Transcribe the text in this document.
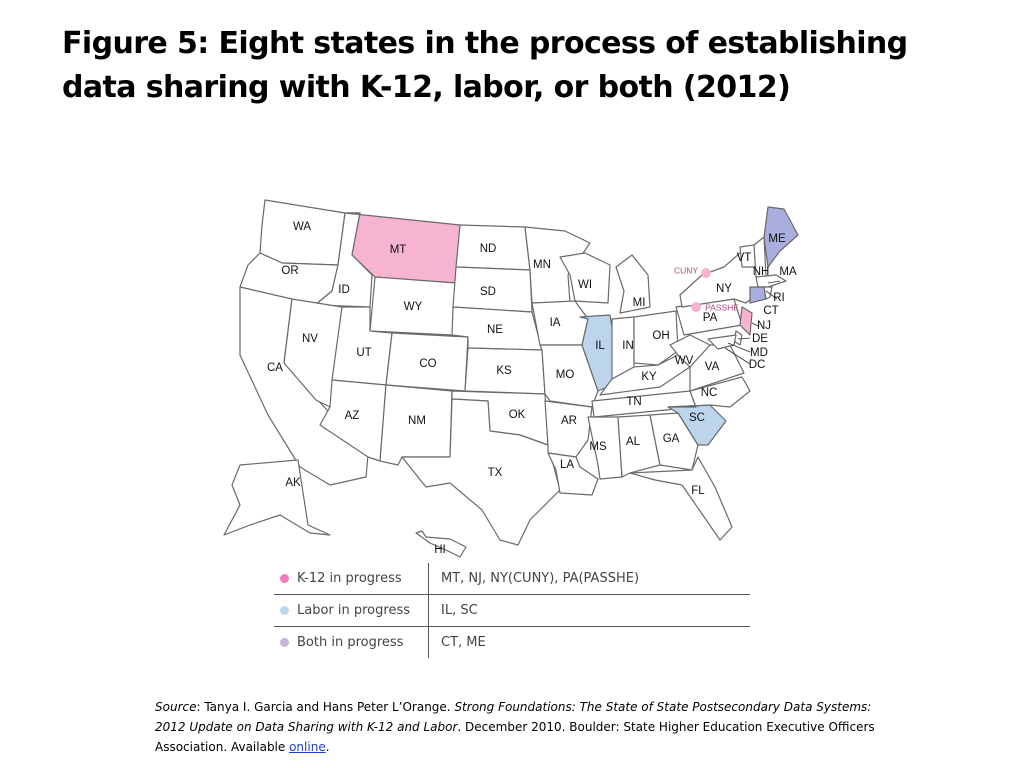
Figure 5: Eight states in the process of establishing
data sharing with K-12, labor, or both (2012)
WA
OR
CA
ID
NV
MT
WY
UT
CO
AZ	NM
ND
SD
NE
KS
OK
TX
MN
IA
MO
AR
LA
WI
IL
MI
IN
OH
KY
TN
MS AL GA
FL
SC
NC
VA
WV
PA
NY
VT
NH
ME
MA
RI
CT
NJ
DE
MD
DC
AK
HI
CUNY
PASSHE
K-12 in progress	MT, NJ, NY(CUNY), PA(PASSHE)
Labor in progress	IL, SC
Both in progress	CT, ME
Source: Tanya I. Garcia and Hans Peter L’Orange. Strong Foundations: The State of State Postsecondary Data Systems: 2012 Update on Data Sharing with K-12 and Labor. December 2010. Boulder: State Higher Education Executive Officers Association. Available online.
